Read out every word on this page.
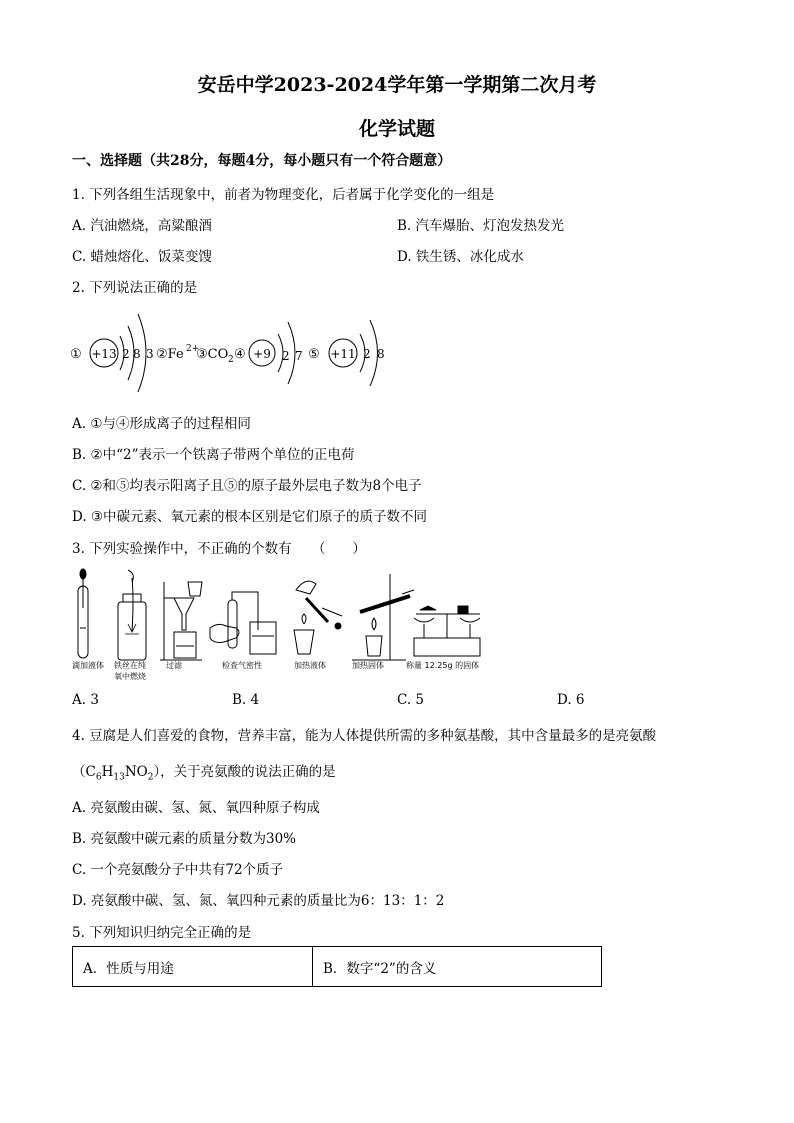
安岳中学2023-2024学年第一学期第二次月考
化学试题
一、选择题（共28分，每题4分，每小题只有一个符合题意）
1. 下列各组生活现象中，前者为物理变化，后者属于化学变化的一组是
A. 汽油燃烧，高粱酿酒	B. 汽车爆胎、灯泡发热发光
C. 蜡烛熔化、饭菜变馊	D. 铁生锈、冰化成水
2. 下列说法正确的是
① +13 2 8 3 ②Fe 2+
③CO 2 ④ +9 2 7 ⑤ +11 2 8
A. ①与④形成离子的过程相同
B. ②中“2”表示一个铁离子带两个单位的正电荷
C. ②和⑤均表示阳离子且⑤的原子最外层电子数为8个电子
D. ③中碳元素、氧元素的根本区别是它们原子的质子数不同
3. 下列实验操作中，不正确的个数有　　（　　）
滴加液体 铁丝在纯
氧中燃烧
过滤	检查气密性	加热液体	加热固体	称量 12.25g 的固体
A. 3	B. 4	C. 5	D. 6
4. 豆腐是人们喜爱的食物，营养丰富，能为人体提供所需的多种氨基酸，其中含量最多的是亮氨酸
$(C_6H_{13}NO_2)$，关于亮氨酸的说法正确的是
A. 亮氨酸由碳、氢、氮、氧四种原子构成
B. 亮氨酸中碳元素的质量分数为30%
C. 一个亮氨酸分子中共有72个质子
D. 亮氨酸中碳、氢、氮、氧四种元素的质量比为6：13：1：2
5. 下列知识归纳完全正确的是
A．性质与用途	B．数字“2”的含义
